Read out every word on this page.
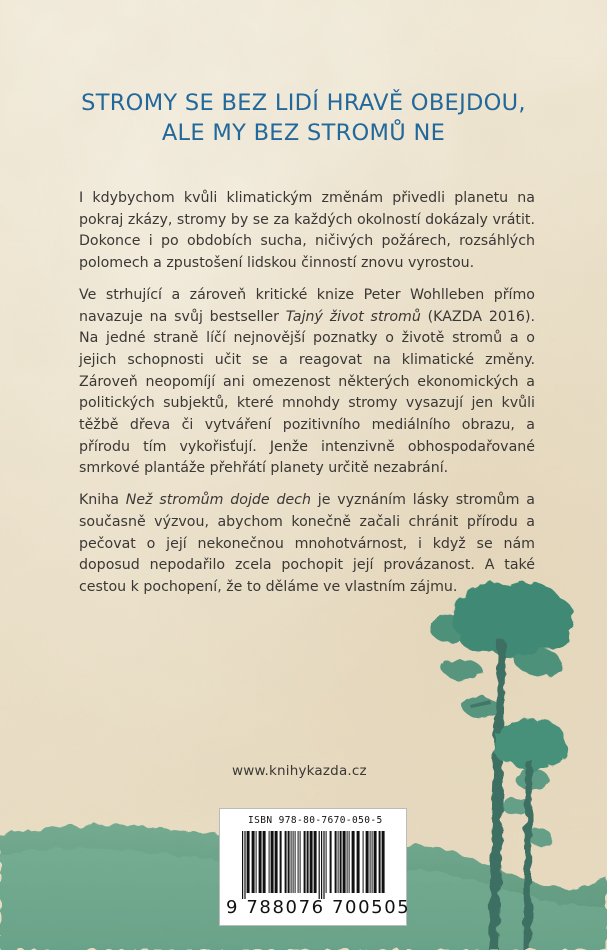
STROMY SE BEZ LIDÍ HRAVĚ OBEJDOU,
ALE MY BEZ STROMŮ NE

I kdybychom kvůli klimatickým změnám přivedli planetu na pokraj zkázy, stromy by se za každých okolností dokázaly vrátit. Dokonce i po obdobích sucha, ničivých požárech, rozsáhlých polomech a zpustošení lidskou činností znovu vyrostou.

Ve strhující a zároveň kritické knize Peter Wohlleben přímo navazuje na svůj bestseller Tajný život stromů (KAZDA 2016). Na jedné straně líčí nejnovější poznatky o životě stromů a o jejich schopnosti učit se a reagovat na klimatické změny. Zároveň neopomíjí ani omezenost některých ekonomických a politických subjektů, které mnohdy stromy vysazují jen kvůli těžbě dřeva či vytváření pozitivního mediálního obrazu, a přírodu tím vykořisťují. Jenže intenzivně obhospodařované smrkové plantáže přehřátí planety určitě nezabrání.

Kniha Než stromům dojde dech je vyznáním lásky stromům a současně výzvou, abychom konečně začali chránit přírodu a pečovat o její nekonečnou mnohotvárnost, i když se nám doposud nepodařilo zcela pochopit její provázanost. A také cestou k pochopení, že to děláme ve vlastním zájmu.

www.knihykazda.cz
ISBN 978-80-7670-050-5
9 788076 700505
